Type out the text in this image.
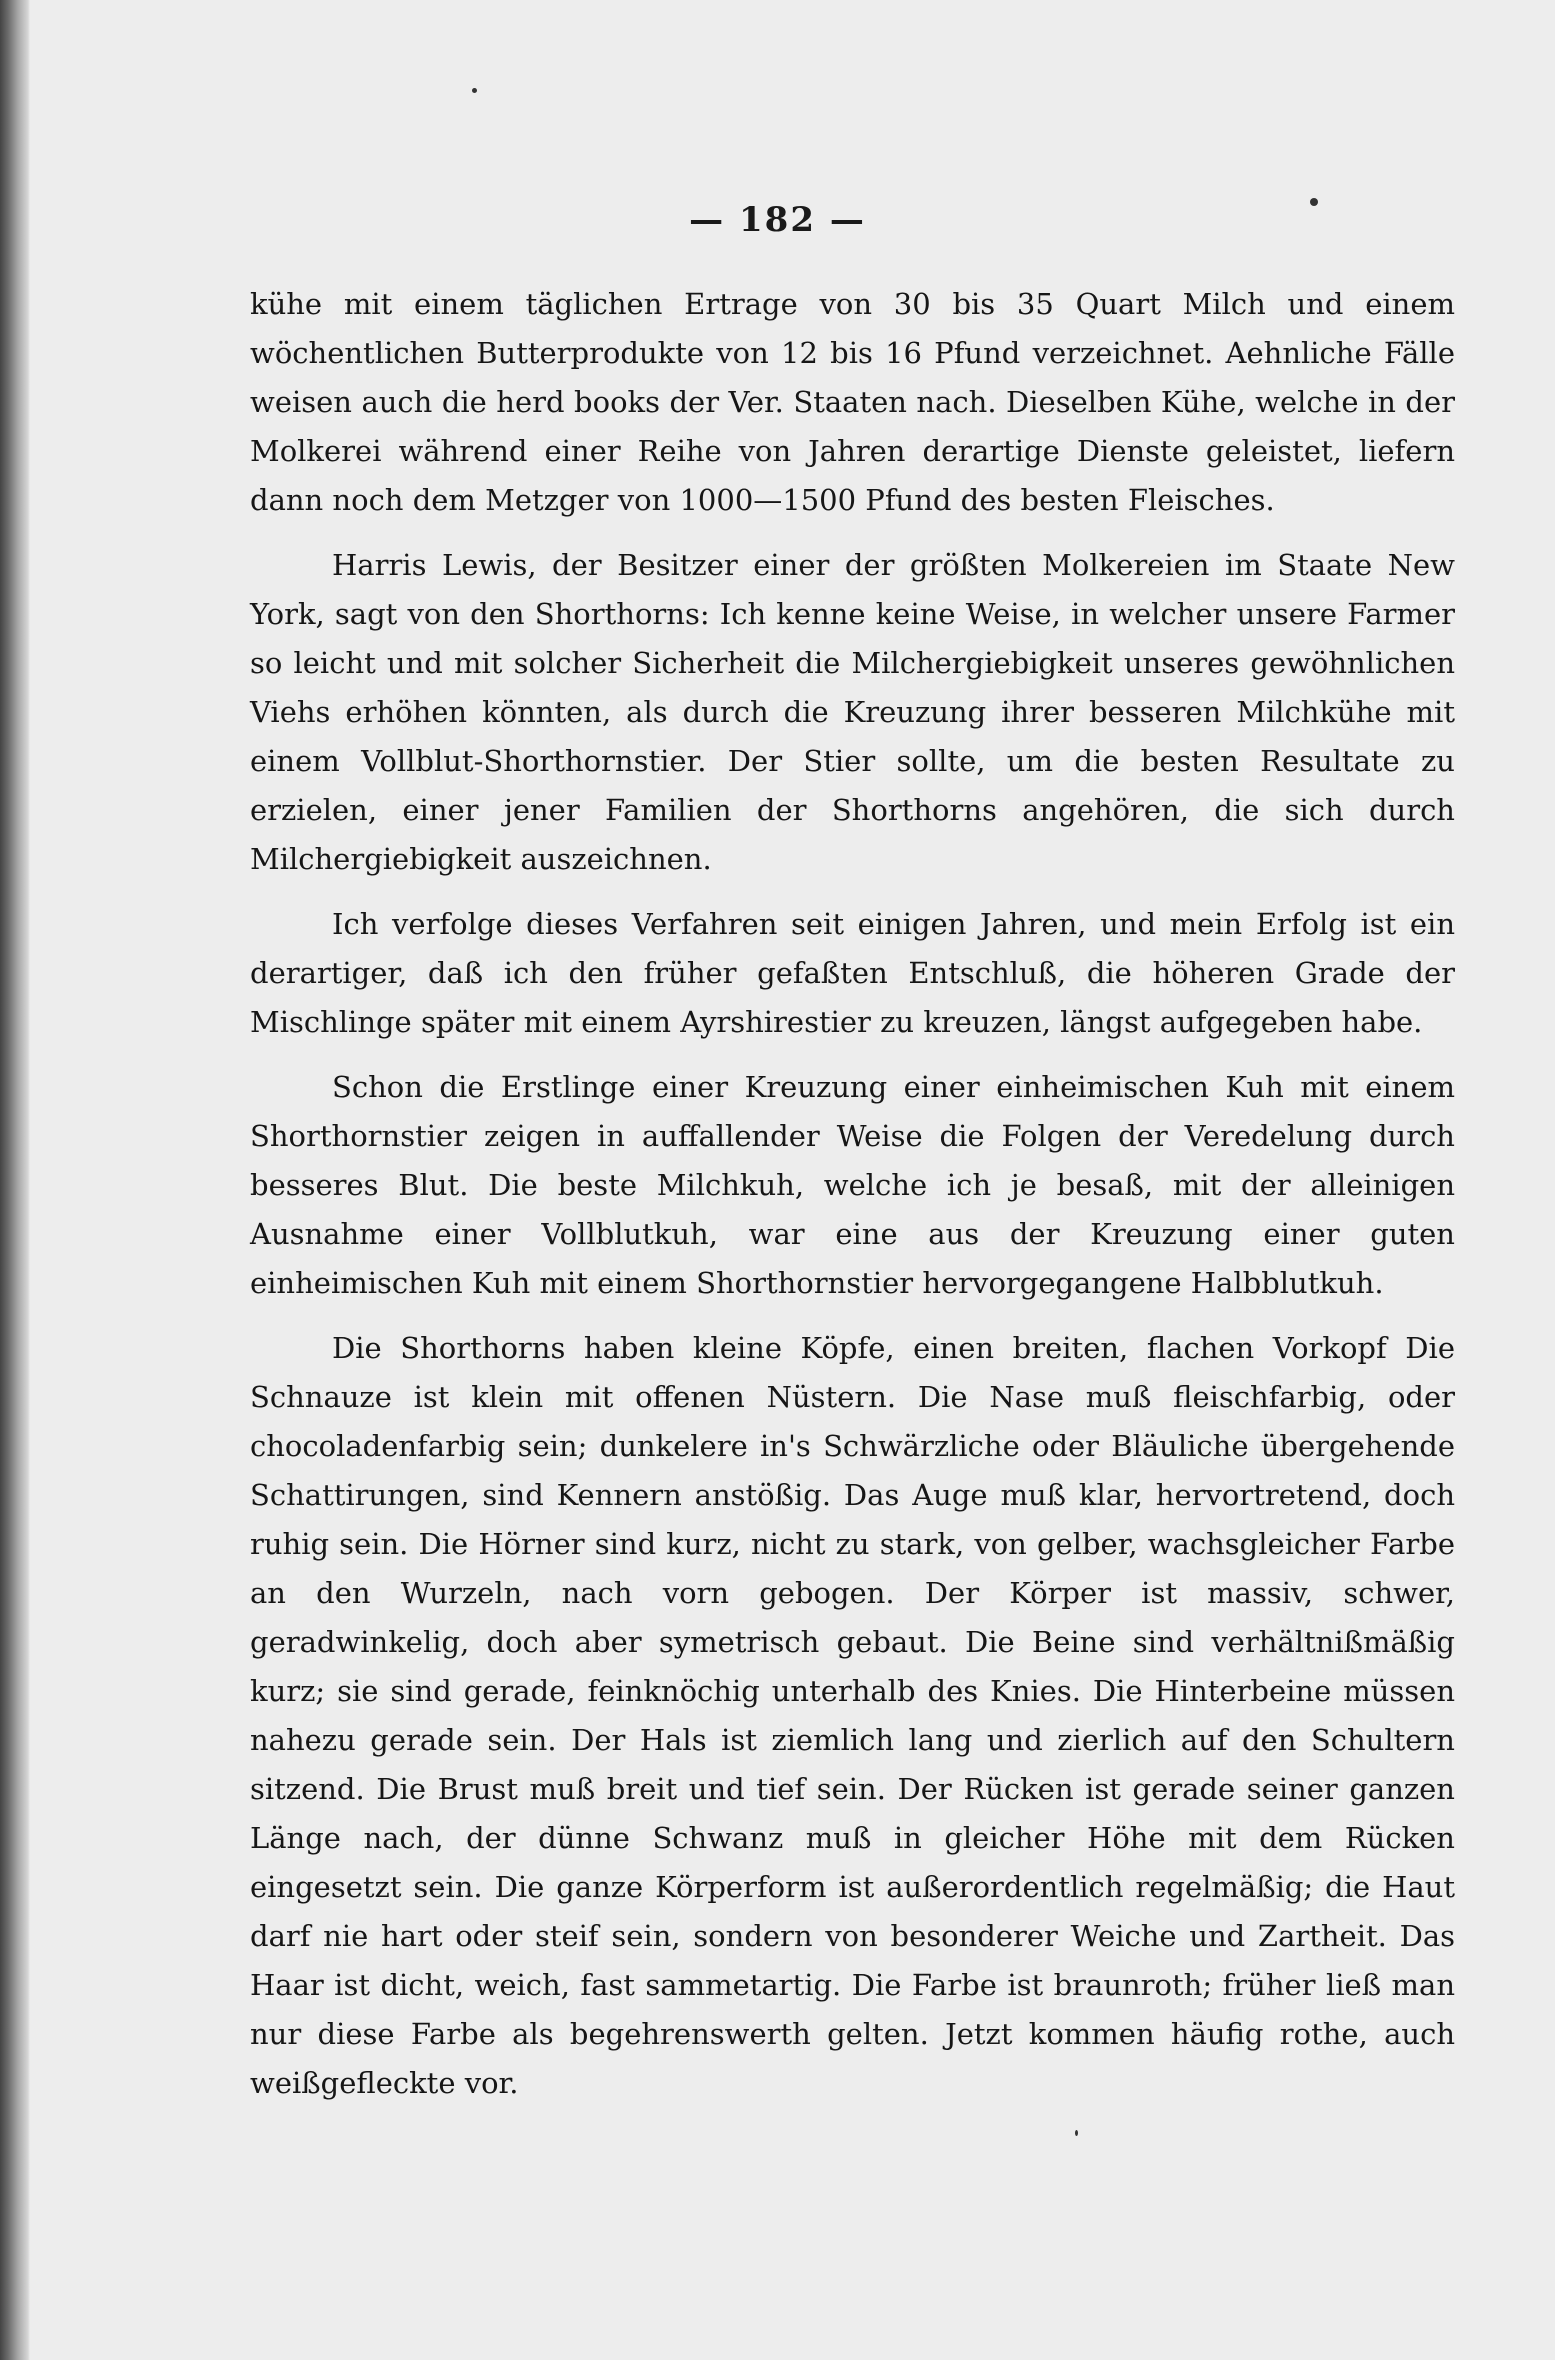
— 182 —

kühe mit einem täglichen Ertrage von 30 bis 35 Quart Milch und einem wöchentlichen Butterprodukte von 12 bis 16 Pfund verzeichnet. Aehnliche Fälle weisen auch die herd books der Ver. Staaten nach. Dieselben Kühe, welche in der Molkerei während einer Reihe von Jahren derartige Dienste geleistet, liefern dann noch dem Metzger von 1000—1500 Pfund des besten Fleisches.

Harris Lewis, der Besitzer einer der größten Molkereien im Staate New York, sagt von den Shorthorns: Ich kenne keine Weise, in welcher unsere Farmer so leicht und mit solcher Sicherheit die Milchergiebigkeit unseres gewöhnlichen Viehs erhöhen könnten, als durch die Kreuzung ihrer besseren Milchkühe mit einem Vollblut-Shorthornstier. Der Stier sollte, um die besten Resultate zu erzielen, einer jener Familien der Shorthorns angehören, die sich durch Milchergiebigkeit auszeichnen.

Ich verfolge dieses Verfahren seit einigen Jahren, und mein Erfolg ist ein derartiger, daß ich den früher gefaßten Entschluß, die höheren Grade der Mischlinge später mit einem Ayrshirestier zu kreuzen, längst aufgegeben habe.

Schon die Erstlinge einer Kreuzung einer einheimischen Kuh mit einem Shorthornstier zeigen in auffallender Weise die Folgen der Veredelung durch besseres Blut. Die beste Milchkuh, welche ich je besaß, mit der alleinigen Ausnahme einer Vollblutkuh, war eine aus der Kreuzung einer guten einheimischen Kuh mit einem Shorthornstier hervorgegangene Halbblutkuh.

Die Shorthorns haben kleine Köpfe, einen breiten, flachen Vorkopf Die Schnauze ist klein mit offenen Nüstern. Die Nase muß fleischfarbig, oder chocoladenfarbig sein; dunkelere in's Schwärzliche oder Bläuliche übergehende Schattirungen, sind Kennern anstößig. Das Auge muß klar, hervortretend, doch ruhig sein. Die Hörner sind kurz, nicht zu stark, von gelber, wachsgleicher Farbe an den Wurzeln, nach vorn gebogen. Der Körper ist massiv, schwer, geradwinkelig, doch aber symetrisch gebaut. Die Beine sind verhältnißmäßig kurz; sie sind gerade, feinknöchig unterhalb des Knies. Die Hinterbeine müssen nahezu gerade sein. Der Hals ist ziemlich lang und zierlich auf den Schultern sitzend. Die Brust muß breit und tief sein. Der Rücken ist gerade seiner ganzen Länge nach, der dünne Schwanz muß in gleicher Höhe mit dem Rücken eingesetzt sein. Die ganze Körperform ist außerordentlich regelmäßig; die Haut darf nie hart oder steif sein, sondern von besonderer Weiche und Zartheit. Das Haar ist dicht, weich, fast sammetartig. Die Farbe ist braunroth; früher ließ man nur diese Farbe als begehrenswerth gelten. Jetzt kommen häufig rothe, auch weißgefleckte vor.
